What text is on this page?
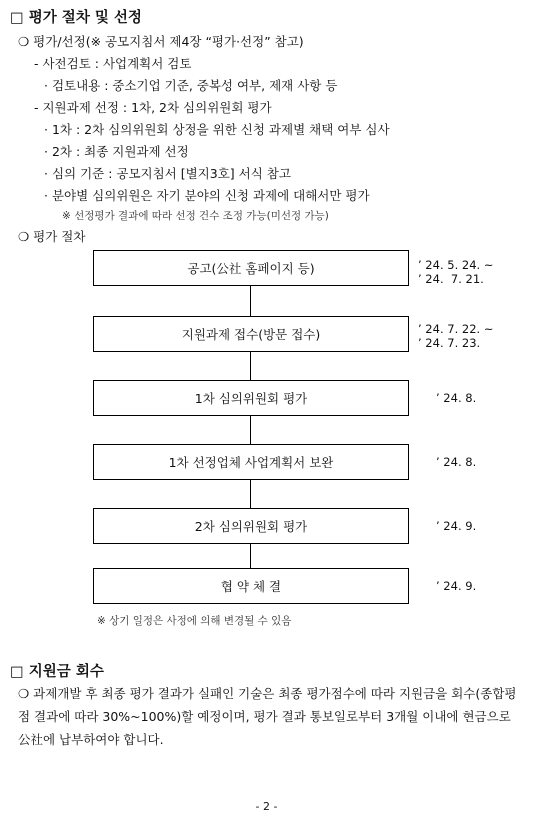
□ 평가 절차 및 선정
❍ 평가/선정(※ 공모지침서 제4장 “평가·선정” 참고)
- 사전검토 : 사업계획서 검토
· 검토내용 : 중소기업 기준, 중복성 여부, 제재 사항 등
- 지원과제 선정 : 1차, 2차 심의위원회 평가
· 1차 : 2차 심의위원회 상정을 위한 신청 과제별 채택 여부 심사
· 2차 : 최종 지원과제 선정
· 심의 기준 : 공모지침서 [별지3호] 서식 참고
· 분야별 심의위원은 자기 분야의 신청 과제에 대해서만 평가
※ 선정평가 결과에 따라 선정 건수 조정 가능(미선정 가능)
❍ 평가 절차
공고(公社 홈페이지 등)	’ 24. 5. 24. ~
’ 24.  7. 21.
지원과제 접수(방문 접수)	’ 24. 7. 22. ~
’ 24. 7. 23.
1차 심의위원회 평가	’ 24. 8.
1차 선정업체 사업계획서 보완	’ 24. 8.
2차 심의위원회 평가	’ 24. 9.
협 약 체 결	’ 24. 9.
※ 상기 일정은 사정에 의해 변경될 수 있음
□ 지원금 회수
❍ 과제개발 후 최종 평가 결과가 실패인 기술은 최종 평가점수에 따라 지원금을 회수(종합평점 결과에 따라 30%~100%)할 예정이며, 평가 결과 통보일로부터 3개월 이내에 현금으로 公社에 납부하여야 합니다.
- 2 -
